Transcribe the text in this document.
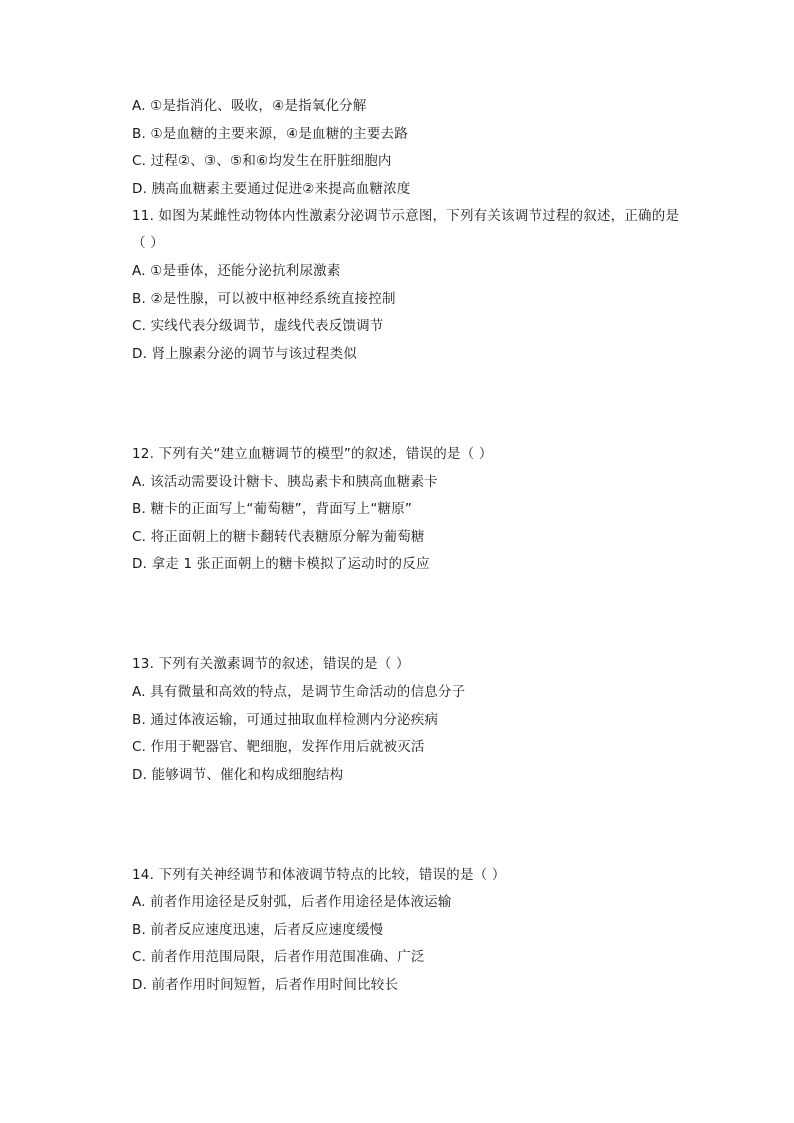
A. ①是指消化、吸收，④是指氧化分解
B. ①是血糖的主要来源，④是血糖的主要去路
C. 过程②、③、⑤和⑥均发生在肝脏细胞内
D. 胰高血糖素主要通过促进②来提高血糖浓度
11. 如图为某雌性动物体内性激素分泌调节示意图，下列有关该调节过程的叙述，正确的是
（ ）
A. ①是垂体，还能分泌抗利尿激素
B. ②是性腺，可以被中枢神经系统直接控制
C. 实线代表分级调节，虚线代表反馈调节
D. 肾上腺素分泌的调节与该过程类似
12. 下列有关“建立血糖调节的模型”的叙述，错误的是（ ）
A. 该活动需要设计糖卡、胰岛素卡和胰高血糖素卡
B. 糖卡的正面写上“葡萄糖”，背面写上“糖原”
C. 将正面朝上的糖卡翻转代表糖原分解为葡萄糖
D. 拿走 1 张正面朝上的糖卡模拟了运动时的反应
13. 下列有关激素调节的叙述，错误的是（ ）
A. 具有微量和高效的特点，是调节生命活动的信息分子
B. 通过体液运输，可通过抽取血样检测内分泌疾病
C. 作用于靶器官、靶细胞，发挥作用后就被灭活
D. 能够调节、催化和构成细胞结构
14. 下列有关神经调节和体液调节特点的比较，错误的是（ ）
A. 前者作用途径是反射弧，后者作用途径是体液运输
B. 前者反应速度迅速，后者反应速度缓慢
C. 前者作用范围局限，后者作用范围准确、广泛
D. 前者作用时间短暂，后者作用时间比较长
